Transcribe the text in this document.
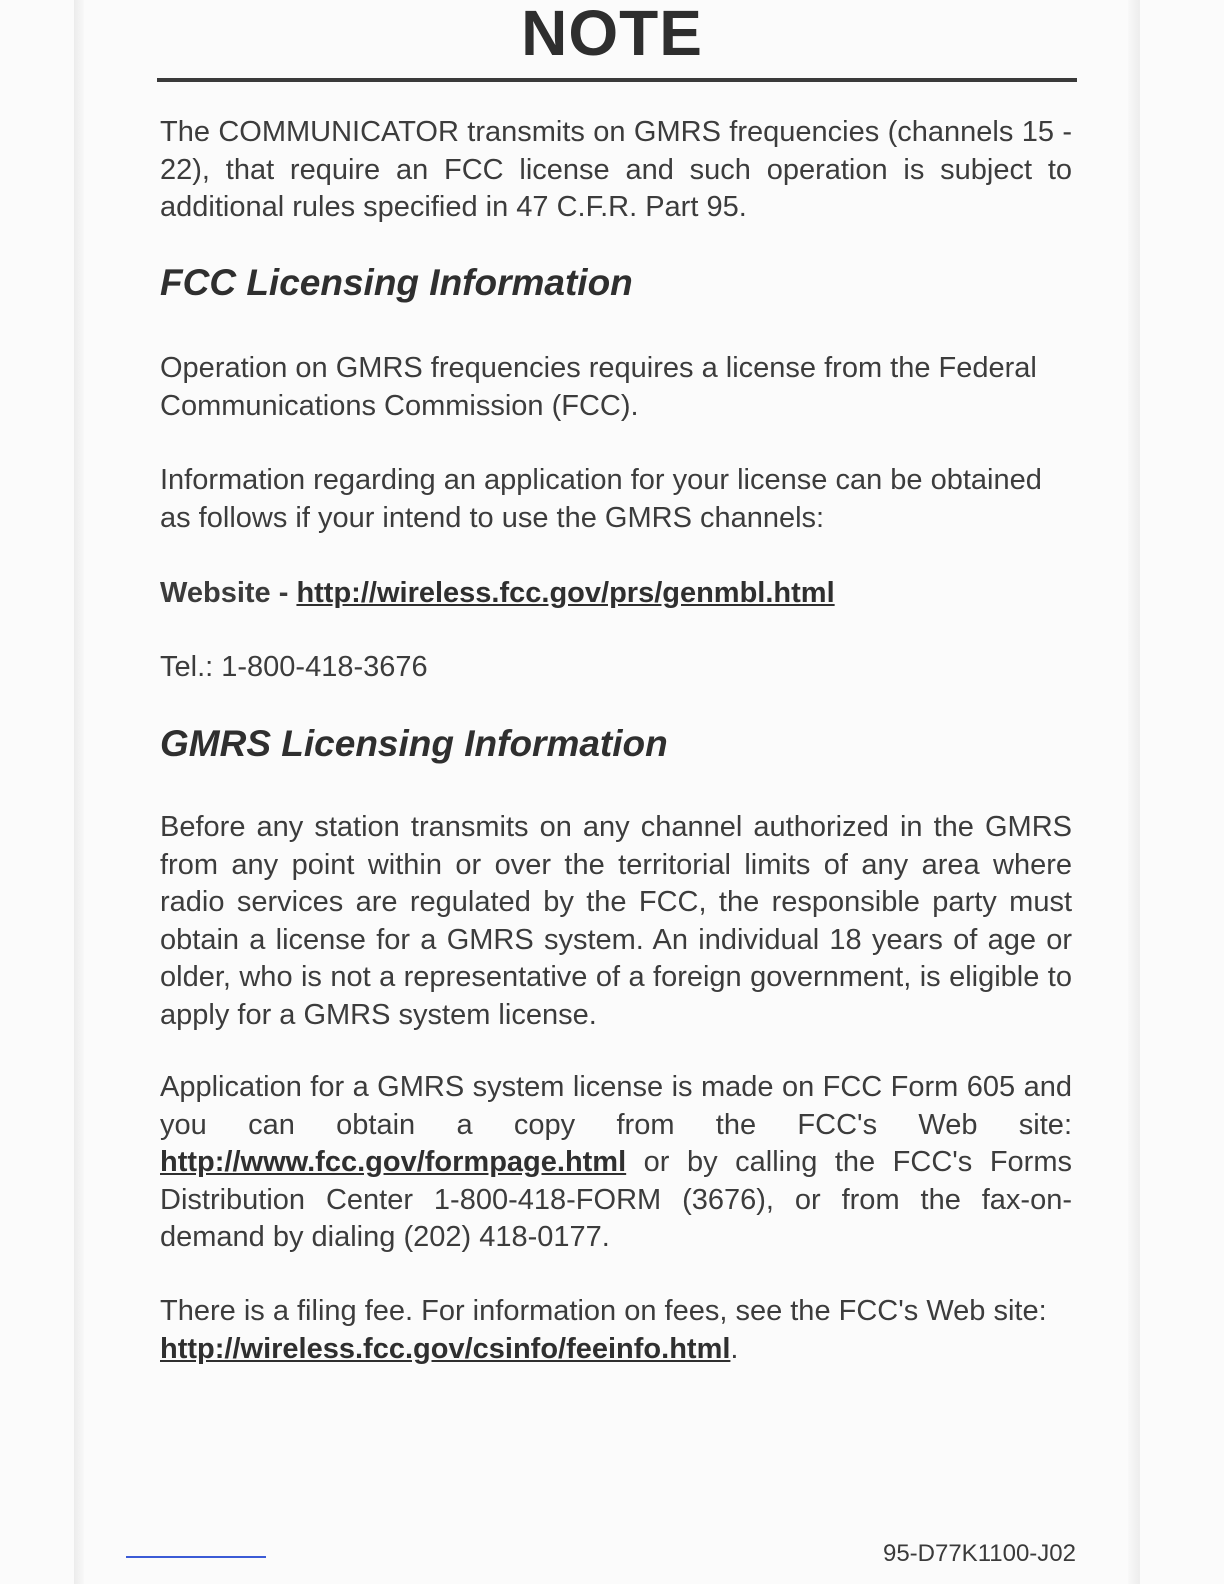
NOTE
The COMMUNICATOR transmits on GMRS frequencies (channels 15 - 22), that require an FCC license and such operation is subject to additional rules specified in 47 C.F.R. Part 95.
FCC Licensing Information
Operation on GMRS frequencies requires a license from the Federal Communications Commission (FCC).
Information regarding an application for your license can be obtained as follows if your intend to use the GMRS channels:
Website - http://wireless.fcc.gov/prs/genmbl.html
Tel.: 1-800-418-3676
GMRS Licensing Information
Before any station transmits on any channel authorized in the GMRS from any point within or over the territorial limits of any area where radio services are regulated by the FCC, the responsible party must obtain a license for a GMRS system. An individual 18 years of age or older, who is not a representative of a foreign government, is eligible to apply for a GMRS system license.
Application for a GMRS system license is made on FCC Form 605 and you can obtain a copy from the FCC's Web site: http://www.fcc.gov/formpage.html or by calling the FCC's Forms Distribution Center 1-800-418-FORM (3676), or from the fax-on-demand by dialing (202) 418-0177.
There is a filing fee. For information on fees, see the FCC's Web site: http://wireless.fcc.gov/csinfo/feeinfo.html.
95-D77K1100-J02
